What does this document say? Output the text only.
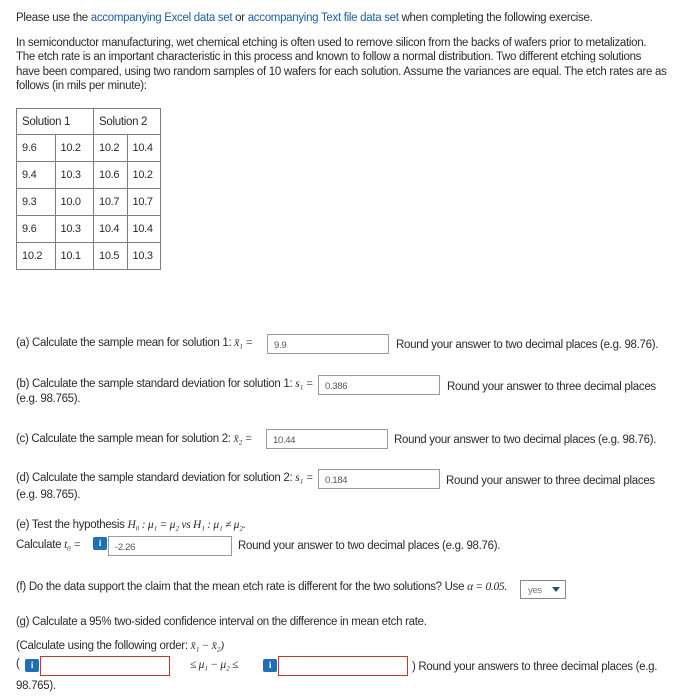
Please use the accompanying Excel data set or accompanying Text file data set when completing the following exercise.

In semiconductor manufacturing, wet chemical etching is often used to remove silicon from the backs of wafers prior to metalization.

The etch rate is an important characteristic in this process and known to follow a normal distribution. Two different etching solutions

have been compared, using two random samples of 10 wafers for each solution. Assume the variances are equal. The etch rates are as

follows (in mils per minute):

Solution 1		Solution 2	
9.6	10.2	10.2	10.4
9.4	10.3	10.6	10.2
9.3	10.0	10.7	10.7
9.6	10.3	10.4	10.4
10.2	10.1	10.5	10.3

(a) Calculate the sample mean for solution 1: x̄₁ =	9.9	Round your answer to two decimal places (e.g. 98.76).

(b) Calculate the sample standard deviation for solution 1: s₁ =

(e.g. 98.765).

0.386	Round your answer to three decimal places

(c) Calculate the sample mean for solution 2: x̄₂ =	10.44	Round your answer to two decimal places (e.g. 98.76).

(d) Calculate the sample standard deviation for solution 2: s₁ =

(e.g. 98.765).

0.184	Round your answer to three decimal places

(e) Test the hypothesis H₀ : μ₁ = μ₂ vs H₁ : μ₁ ≠ μ₂.

Calculate t₀ =	i	-2.26	Round your answer to two decimal places (e.g. 98.76).

(f) Do the data support the claim that the mean etch rate is different for the two solutions? Use α = 0.05.	yes

(g) Calculate a 95% two-sided confidence interval on the difference in mean etch rate.

(Calculate using the following order: x̄₁ − x̄₂)

(	i	≤ μ₁ − μ₂ ≤	i	) Round your answers to three decimal places (e.g.

98.765).
